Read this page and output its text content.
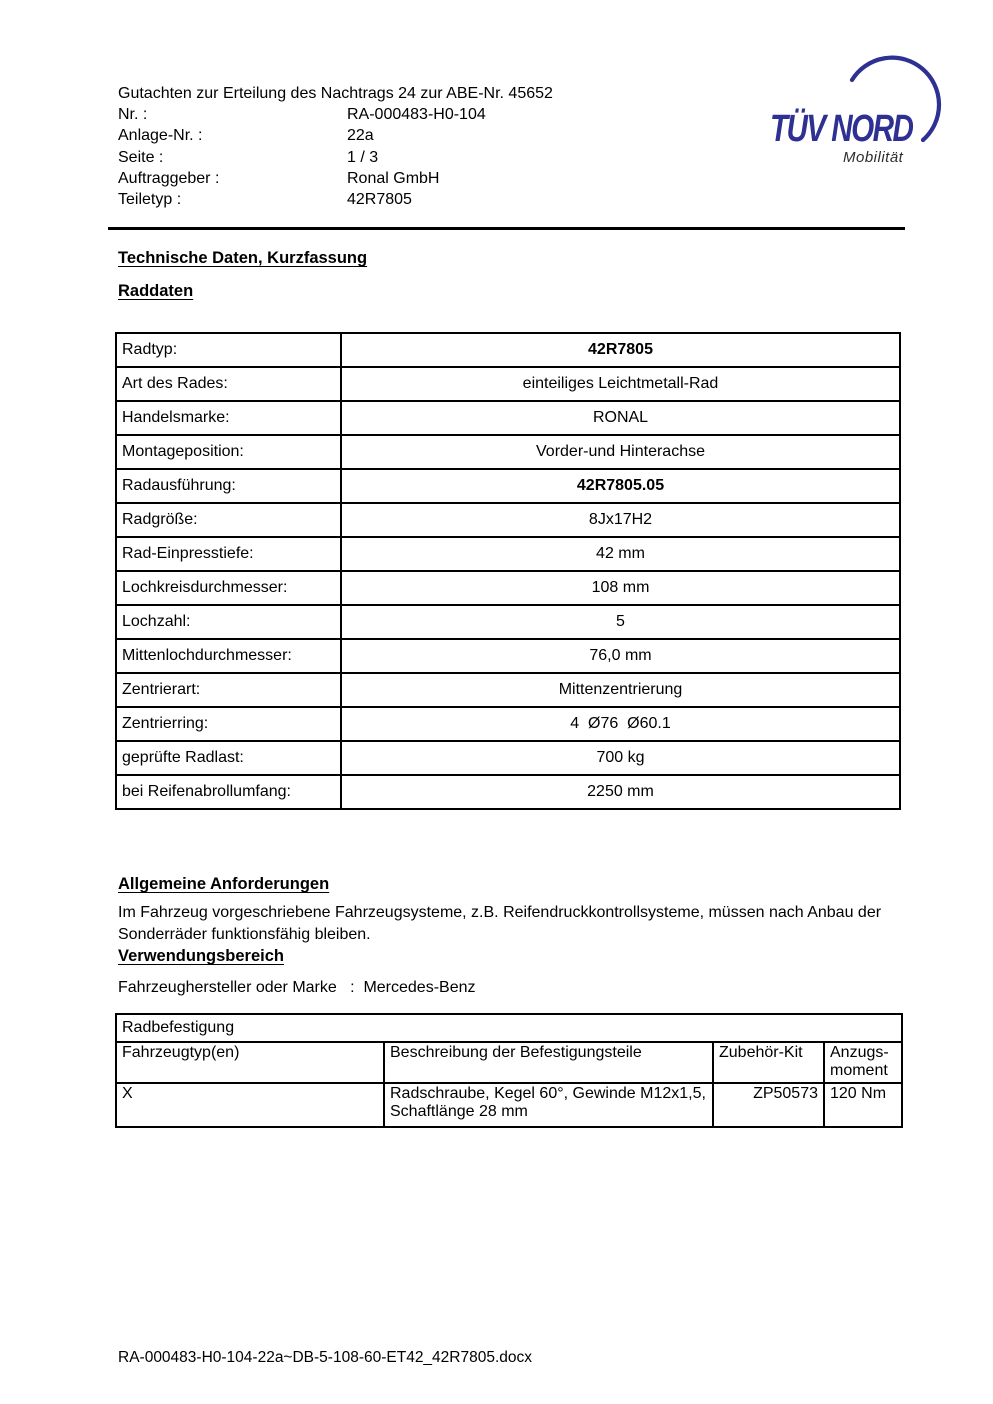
Gutachten zur Erteilung des Nachtrags 24 zur ABE-Nr. 45652
Nr. :	RA-000483-H0-104
Anlage-Nr. :	22a
Seite :	1 / 3
Auftraggeber :	Ronal GmbH
Teiletyp :	42R7805
TÜV NORD
Mobilität
Technische Daten, Kurzfassung
Raddaten
Radtyp:	42R7805
Art des Rades:	einteiliges Leichtmetall-Rad
Handelsmarke:	RONAL
Montageposition:	Vorder-und Hinterachse
Radausführung:	42R7805.05
Radgröße:	8Jx17H2
Rad-Einpresstiefe:	42 mm
Lochkreisdurchmesser:	108 mm
Lochzahl:	5
Mittenlochdurchmesser:	76,0 mm
Zentrierart:	Mittenzentrierung
Zentrierring:	4  Ø76  Ø60.1
geprüfte Radlast:	700 kg
bei Reifenabrollumfang:	2250 mm
Allgemeine Anforderungen
Im Fahrzeug vorgeschriebene Fahrzeugsysteme, z.B. Reifendruckkontrollsysteme, müssen nach Anbau der Sonderräder funktionsfähig bleiben.
Verwendungsbereich
Fahrzeughersteller oder Marke   :  Mercedes-Benz
Radbefestigung			
Fahrzeugtyp(en)	Beschreibung der Befestigungsteile	Zubehör-Kit	Anzugs-moment
X	Radschraube, Kegel 60°, Gewinde M12x1,5, Schaftlänge 28 mm	ZP50573	120 Nm
RA-000483-H0-104-22a~DB-5-108-60-ET42_42R7805.docx
